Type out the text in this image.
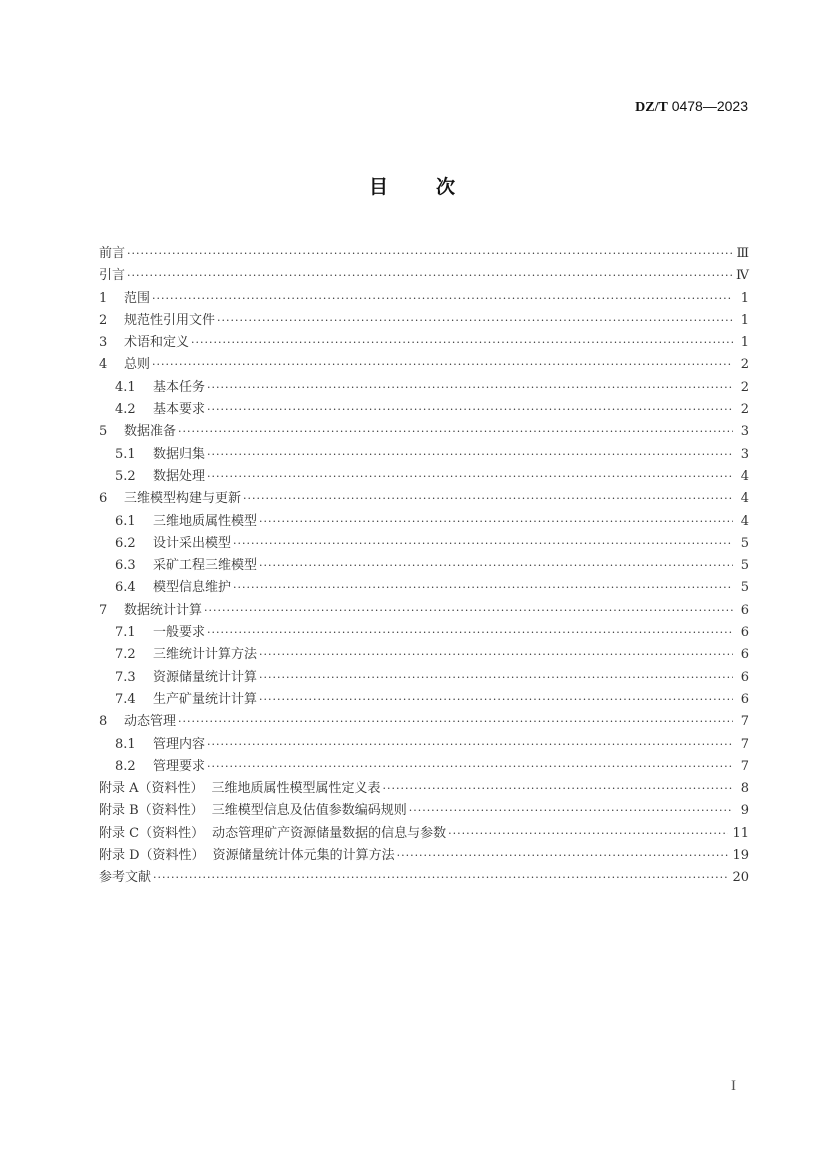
DZ/T 0478—2023
目 次
前言 ·····	Ⅲ
引言 ·····	Ⅳ
1	范围 ·····	1
2	规范性引用文件 ·····	1
3	术语和定义 ·····	1
4	总则 ·····	2
4.1 基本任务 ·····	2
4.2 基本要求 ·····	2
5	数据准备 ·····	3
5.1 数据归集 ·····	3
5.2 数据处理 ·····	4
6	三维模型构建与更新 ·····	4
6.1 三维地质属性模型 ·····	4
6.2 设计采出模型 ·····	5
6.3 采矿工程三维模型 ·····	5
6.4 模型信息维护 ·····	5
7	数据统计计算 ·····	6
7.1 一般要求 ·····	6
7.2 三维统计计算方法 ·····	6
7.3 资源储量统计计算 ·····	6
7.4 生产矿量统计计算 ·····	6
8	动态管理 ·····	7
8.1 管理内容 ·····	7
8.2 管理要求 ·····	7
附录 A（资料性） 三维地质属性模型属性定义表 ·····	8
附录 B（资料性） 三维模型信息及估值参数编码规则 ·····	9
附录 C（资料性） 动态管理矿产资源储量数据的信息与参数 ·····	11
附录 D（资料性） 资源储量统计体元集的计算方法 ·····	19
参考文献 ·····	20
I
